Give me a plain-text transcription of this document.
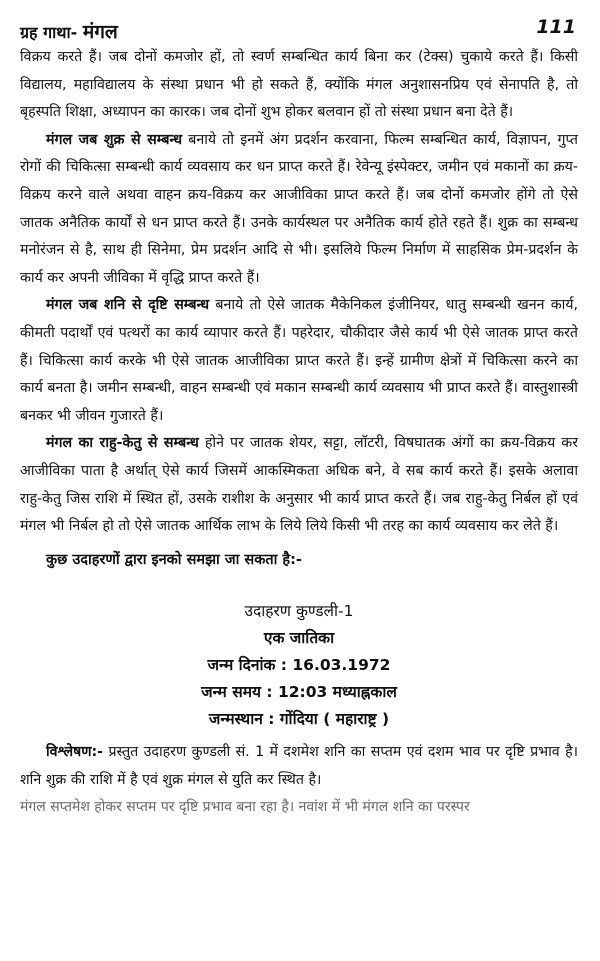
ग्रह गाथा- मंगल	111

विक्रय करते हैं। जब दोनों कमजोर हों, तो स्वर्ण सम्बन्धित कार्य बिना कर (टेक्स) चुकाये करते हैं। किसी विद्यालय, महाविद्यालय के संस्था प्रधान भी हो सकते हैं, क्योंकि मंगल अनुशासनप्रिय एवं सेनापति है, तो बृहस्पति शिक्षा, अध्यापन का कारक। जब दोनों शुभ होकर बलवान हों तो संस्था प्रधान बना देते हैं।

मंगल जब शुक्र से सम्बन्ध बनाये तो इनमें अंग प्रदर्शन करवाना, फिल्म सम्बन्धित कार्य, विज्ञापन, गुप्त रोगों की चिकित्सा सम्बन्धी कार्य व्यवसाय कर धन प्राप्त करते हैं। रेवेन्यू इंस्पेक्टर, जमीन एवं मकानों का क्रय-विक्रय करने वाले अथवा वाहन क्रय-विक्रय कर आजीविका प्राप्त करते हैं। जब दोनों कमजोर होंगे तो ऐसे जातक अनैतिक कार्यों से धन प्राप्त करते हैं। उनके कार्यस्थल पर अनैतिक कार्य होते रहते हैं। शुक्र का सम्बन्ध मनोरंजन से है, साथ ही सिनेमा, प्रेम प्रदर्शन आदि से भी। इसलिये फिल्म निर्माण में साहसिक प्रेम-प्रदर्शन के कार्य कर अपनी जीविका में वृद्धि प्राप्त करते हैं।

मंगल जब शनि से दृष्टि सम्बन्ध बनाये तो ऐसे जातक मैकेनिकल इंजीनियर, धातु सम्बन्धी खनन कार्य, कीमती पदार्थों एवं पत्थरों का कार्य व्यापार करते हैं। पहरेदार, चौकीदार जैसे कार्य भी ऐसे जातक प्राप्त करते हैं। चिकित्सा कार्य करके भी ऐसे जातक आजीविका प्राप्त करते हैं। इन्हें ग्रामीण क्षेत्रों में चिकित्सा करने का कार्य बनता है। जमीन सम्बन्धी, वाहन सम्बन्धी एवं मकान सम्बन्धी कार्य व्यवसाय भी प्राप्त करते हैं। वास्तुशास्त्री बनकर भी जीवन गुजारते हैं।

मंगल का राहु-केतु से सम्बन्ध होने पर जातक शेयर, सट्टा, लॉटरी, विषघातक अंगों का क्रय-विक्रय कर आजीविका पाता है अर्थात् ऐसे कार्य जिसमें आकस्मिकता अधिक बने, वे सब कार्य करते हैं। इसके अलावा राहु-केतु जिस राशि में स्थित हों, उसके राशीश के अनुसार भी कार्य प्राप्त करते हैं। जब राहु-केतु निर्बल हों एवं मंगल भी निर्बल हो तो ऐसे जातक आर्थिक लाभ के लिये लिये किसी भी तरह का कार्य व्यवसाय कर लेते हैं।

कुछ उदाहरणों द्वारा इनको समझा जा सकता है:-
उदाहरण कुण्डली-1
एक जातिका
जन्म दिनांक : 16.03.1972
जन्म समय : 12:03 मध्याह्नकाल
जन्मस्थान : गोंदिया ( महाराष्ट्र )

विश्लेषण:- प्रस्तुत उदाहरण कुण्डली सं. 1 में दशमेश शनि का सप्तम एवं दशम भाव पर दृष्टि प्रभाव है। शनि शुक्र की राशि में है एवं शुक्र मंगल से युति कर स्थित है।

मंगल सप्तमेश होकर सप्तम पर दृष्टि प्रभाव बना रहा है। नवांश में भी मंगल शनि का परस्पर
